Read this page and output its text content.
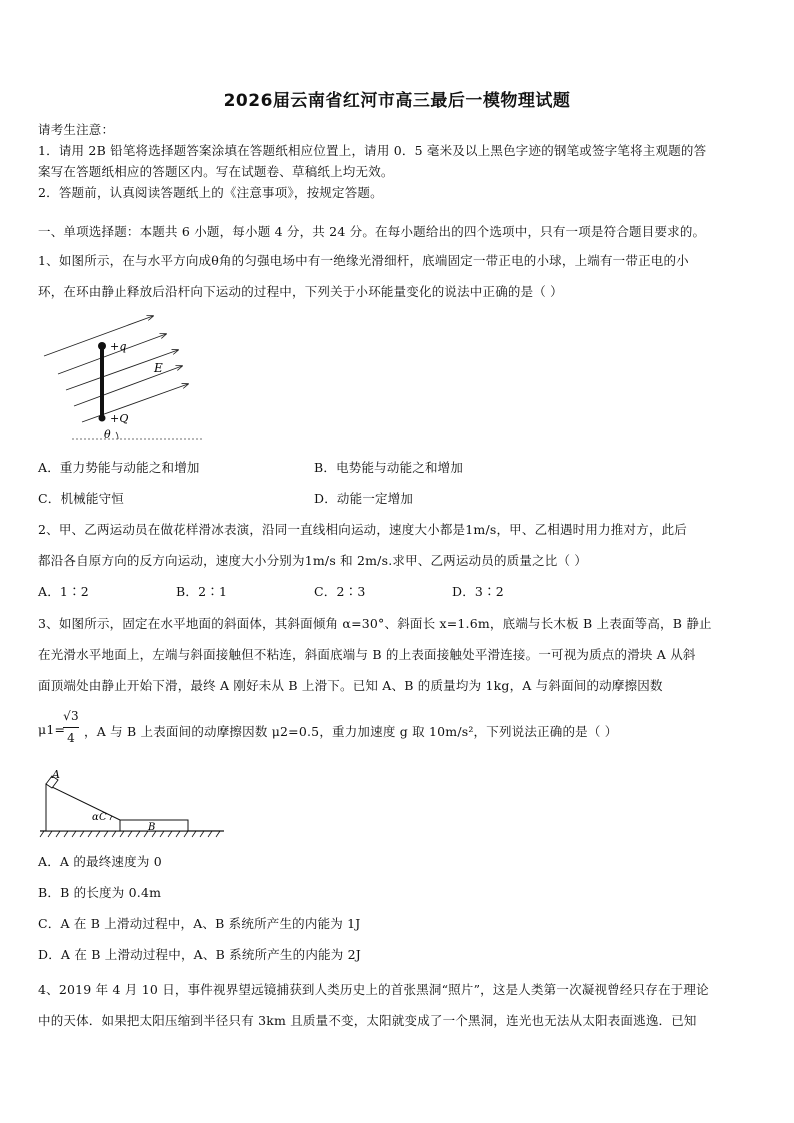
2026届云南省红河市高三最后一模物理试题
请考生注意：
1．请用 2B 铅笔将选择题答案涂填在答题纸相应位置上，请用 0．5 毫米及以上黑色字迹的钢笔或签字笔将主观题的答
案写在答题纸相应的答题区内。写在试题卷、草稿纸上均无效。
2．答题前，认真阅读答题纸上的《注意事项》，按规定答题。
一、单项选择题：本题共 6 小题，每小题 4 分，共 24 分。在每小题给出的四个选项中，只有一项是符合题目要求的。
1、如图所示，在与水平方向成θ角的匀强电场中有一绝缘光滑细杆，底端固定一带正电的小球，上端有一带正电的小
环，在环由静止释放后沿杆向下运动的过程中，下列关于小环能量变化的说法中正确的是（ ）
+q
E
+Q
θ
A．重力势能与动能之和增加	B．电势能与动能之和增加
C．机械能守恒	D．动能一定增加
2、甲、乙两运动员在做花样滑冰表演，沿同一直线相向运动，速度大小都是1m/s，甲、乙相遇时用力推对方，此后
都沿各自原方向的反方向运动，速度大小分别为1m/s 和 2m/s.求甲、乙两运动员的质量之比（ ）
A．1∶2	B．2∶1	C．2∶3	D．3∶2
3、如图所示，固定在水平地面的斜面体，其斜面倾角 α=30°、斜面长 x=1.6m，底端与长木板 B 上表面等高，B 静止
在光滑水平地面上，左端与斜面接触但不粘连，斜面底端与 B 的上表面接触处平滑连接。一可视为质点的滑块 A 从斜
面顶端处由静止开始下滑，最终 A 刚好未从 B 上滑下。已知 A、B 的质量均为 1kg，A 与斜面间的动摩擦因数
μ1=
√3
4 ，A 与 B 上表面间的动摩擦因数 μ2=0.5，重力加速度 g 取 10m/s²，下列说法正确的是（ ）
A
αC
B
A．A 的最终速度为 0
B．B 的长度为 0.4m
C．A 在 B 上滑动过程中，A、B 系统所产生的内能为 1J
D．A 在 B 上滑动过程中，A、B 系统所产生的内能为 2J
4、2019 年 4 月 10 日，事件视界望远镜捕获到人类历史上的首张黑洞“照片”，这是人类第一次凝视曾经只存在于理论
中的天体．如果把太阳压缩到半径只有 3km 且质量不变，太阳就变成了一个黑洞，连光也无法从太阳表面逃逸．已知
